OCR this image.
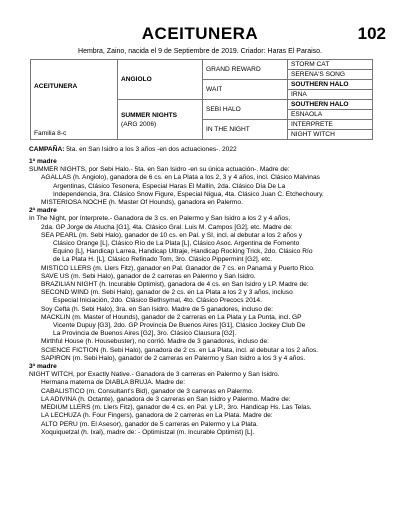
ACEITUNERA	102
Hembra, Zaino, nacida el 9 de Septiembre de 2019. Criador: Haras El Paraiso.
ACEITUNERA
Familia 8-c	ANGIOLO	GRAND REWARD	STORM CAT
			SERENA'S SONG
		WAIT	SOUTHERN HALO
			IRNA

	SUMMER NIGHTS
(ARG 2006)	SEBI HALO	SOUTHERN HALO
			ESNAOLA
		IN THE NIGHT	INTERPRETE
			NIGHT WITCH
CAMPAÑA: 5ta. en San Isidro a los 3 años -en dos actuaciones-. 2022

1ª madre

SUMMER NIGHTS, por Sebi Halo.- 5ta. en San Isidro -en su única actuación-. Madre de:

AGALLAS (h. Angiolo), ganadora de 6 cs. en La Plata a los 2, 3 y 4 años, incl. Clásico Malvinas

Argentinas, Clásico Tesonera, Especial Haras El Mallín, 2da. Clásico Día De La

Independencia, 3ra. Clásico Snow Figure, Especial Nigua, 4ta. Clásico Juan C. Etchechoury.

MISTERIOSA NOCHE (h. Master Of Hounds), ganadora en Palermo.

2ª madre

In The Night, por Interprete.- Ganadora de 3 cs. en Palermo y San Isidro a los 2 y 4 años,

2da. GP Jorge de Atucha [G1], 4ta. Clásico Gral. Luis M. Campos [G2], etc. Madre de:

SEA PEARL (m. Sebi Halo), ganador de 10 cs. en Pal. y SI, incl. al debutar a los 2 años y

Clásico Orange [L], Clásico Río de La Plata [L], Clásico Asoc. Argentina de Fomento

Equino [L], Handicap Larrea, Handicap Ultraje, Handicap Rocking Trick, 2do. Clásico Río

de La Plata H. [L], Clásico Refinado Tom, 3ro. Clásico Pippermint [G2], etc.

MISTICO LLERS (m. Llers Fitz), ganador en Pal. Ganador de 7 cs. en Panamá y Puerto Rico.

SAVE US (m. Sebi Halo), ganador de 2 carreras en Palermo y San Isidro.

BRAZILIAN NIGHT (h. Incurable Optimist), ganadora de 4 cs. en San Isidro y LP. Madre de:

SECOND WIND (m. Sebi Halo), ganador de 2 cs. en La Plata a los 2 y 3 años, incluso

Especial Iniciación, 2do. Clásico Bethsymal, 4to. Clásico Precocs 2014.

Soy Cefta (h. Sebi Halo), 3ra. en San Isidro. Madre de 5 ganadores, incluso de:

MACKLIN (m. Master of Hounds), ganador de 2 carreras en La Plata y La Punta, incl. GP

Vicente Dupuy [G3], 2do. GP Provincia De Buenos Aires [G1], Clásico Jockey Club De

La Provincia de Buenos Aires [G2], 3ro. Clásico Clausura [G2].

Mirthful House (h. Housebuster), no corrió. Madre de 3 ganadores, incluso de:

SCIENCE FICTION (h. Sebi Halo), ganadora de 2 cs. en La Plata, incl. al debutar a los 2 años.

SAPIRON (m. Sebi Halo), ganador de 2 carreras en Palermo y San Isidro a los 3 y 4 años.

3ª madre

NIGHT WITCH, por Exactly Native.- Ganadora de 3 carreras en Palermo y San Isidro.

Hermana materna de DIABLA BRUJA. Madre de:

CABALISTICO (m. Consultant's Bid), ganador de 3 carreras en Palermo.

LA ADIVINA (h. Octante), ganadora de 3 carreras en San Isidro y Palermo. Madre de:

MEDIUM LLERS (m. Llers Fitz), ganador de 4 cs. en Pal. y LP., 3ro. Handicap Hs. Las Telas.

LA LECHUZA (h. Four Fingers), ganadora de 2 carreras en La Plata. Madre de:

ALTO PERU (m. El Asesor), ganador de 5 carreras en Palermo y La Plata.

Xoquiquetzal (h. Ixal), madre de: - Optimistzal (m. Incurable Optimist) [L].
